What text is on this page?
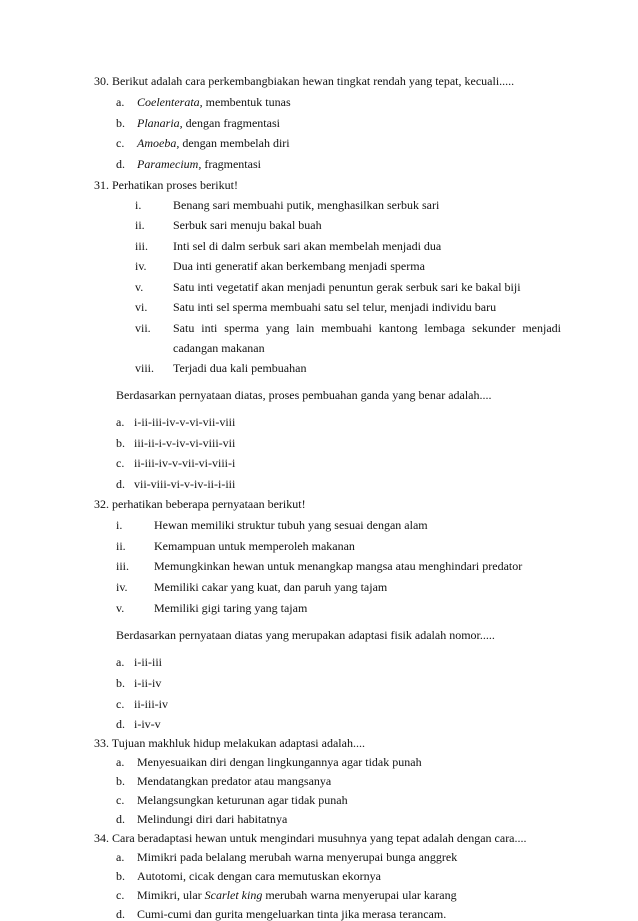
30. Berikut adalah cara perkembangbiakan hewan tingkat rendah yang tepat, kecuali.....
a. Coelenterata, membentuk tunas
b. Planaria, dengan fragmentasi
c. Amoeba, dengan membelah diri
d. Paramecium, fragmentasi
31. Perhatikan proses berikut!
i.	Benang sari membuahi putik, menghasilkan serbuk sari
ii. Serbuk sari menuju bakal buah
iii. Inti sel di dalm serbuk sari akan membelah menjadi dua
iv. Dua inti generatif akan berkembang menjadi sperma
v. Satu inti vegetatif akan menjadi penuntun gerak serbuk sari ke bakal biji
vi. Satu inti sel sperma membuahi satu sel telur, menjadi individu baru
vii. Satu inti sperma yang lain membuahi kantong lembaga sekunder menjadi
cadangan makanan
viii. Terjadi dua kali pembuahan
Berdasarkan pernyataan diatas, proses pembuahan ganda yang benar adalah....
a. i-ii-iii-iv-v-vi-vii-viii
b. iii-ii-i-v-iv-vi-viii-vii
c. ii-iii-iv-v-vii-vi-viii-i
d. vii-viii-vi-v-iv-ii-i-iii
32. perhatikan beberapa pernyataan berikut!
i.	Hewan memiliki struktur tubuh yang sesuai dengan alam
ii. Kemampuan untuk memperoleh makanan
iii. Memungkinkan hewan untuk menangkap mangsa atau menghindari predator
iv. Memiliki cakar yang kuat, dan paruh yang tajam
v. Memiliki gigi taring yang tajam
Berdasarkan pernyataan diatas yang merupakan adaptasi fisik adalah nomor.....
a. i-ii-iii
b. i-ii-iv
c. ii-iii-iv
d. i-iv-v
33. Tujuan makhluk hidup melakukan adaptasi adalah....
a. Menyesuaikan diri dengan lingkungannya agar tidak punah
b. Mendatangkan predator atau mangsanya
c. Melangsungkan keturunan agar tidak punah
d. Melindungi diri dari habitatnya
34. Cara beradaptasi hewan untuk mengindari musuhnya yang tepat adalah dengan cara....
a. Mimikri pada belalang merubah warna menyerupai bunga anggrek
b. Autotomi, cicak dengan cara memutuskan ekornya
c. Mimikri, ular Scarlet king merubah warna menyerupai ular karang
d. Cumi-cumi dan gurita mengeluarkan tinta jika merasa terancam.
